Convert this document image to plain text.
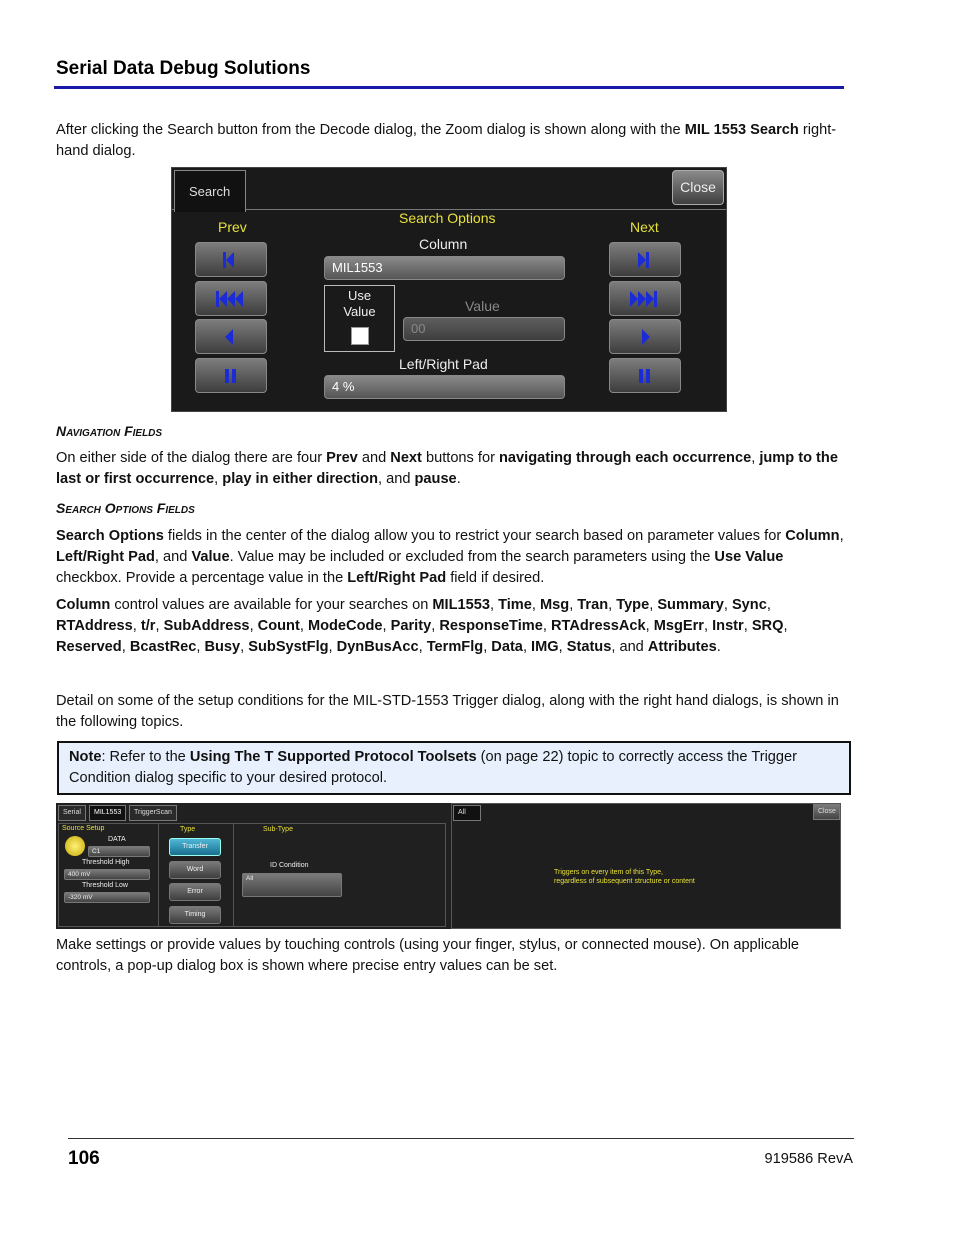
Serial Data Debug Solutions
After clicking the Search button from the Decode dialog, the Zoom dialog is shown along with the MIL 1553 Search right-hand dialog.
Search	Close
Prev	Next
Search Options
Column
MIL1553
Use Value	Value
00
Left/Right Pad
4 %
Navigation Fields
On either side of the dialog there are four Prev and Next buttons for navigating through each occurrence, jump to the last or first occurrence, play in either direction, and pause.
Search Options Fields
Search Options fields in the center of the dialog allow you to restrict your search based on parameter values for Column, Left/Right Pad, and Value. Value may be included or excluded from the search parameters using the Use Value checkbox. Provide a percentage value in the Left/Right Pad field if desired.
Column control values are available for your searches on MIL1553, Time, Msg, Tran, Type, Summary, Sync, RTAddress, t/r, SubAddress, Count, ModeCode, Parity, ResponseTime, RTAdressAck, MsgErr, Instr, SRQ, Reserved, BcastRec, Busy, SubSystFlg, DynBusAcc, TermFlg, Data, IMG, Status, and Attributes.
Detail on some of the setup conditions for the MIL-STD-1553 Trigger dialog, along with the right hand dialogs, is shown in the following topics.
Note: Refer to the Using The T Supported Protocol Toolsets (on page 22) topic to correctly access the Trigger Condition dialog specific to your desired protocol.
Serial	MIL1553	TriggerScan
Source Setup
DATA
C1
Threshold High
400 mV
Threshold Low
-320 mV
Type
Transfer
Word
Error
Timing
Sub-Type
ID Condition
All
All	Close
Triggers on every item of this Type,
regardless of subsequent structure or content
Make settings or provide values by touching controls (using your finger, stylus, or connected mouse). On applicable controls, a pop-up dialog box is shown where precise entry values can be set.
106	919586 RevA
